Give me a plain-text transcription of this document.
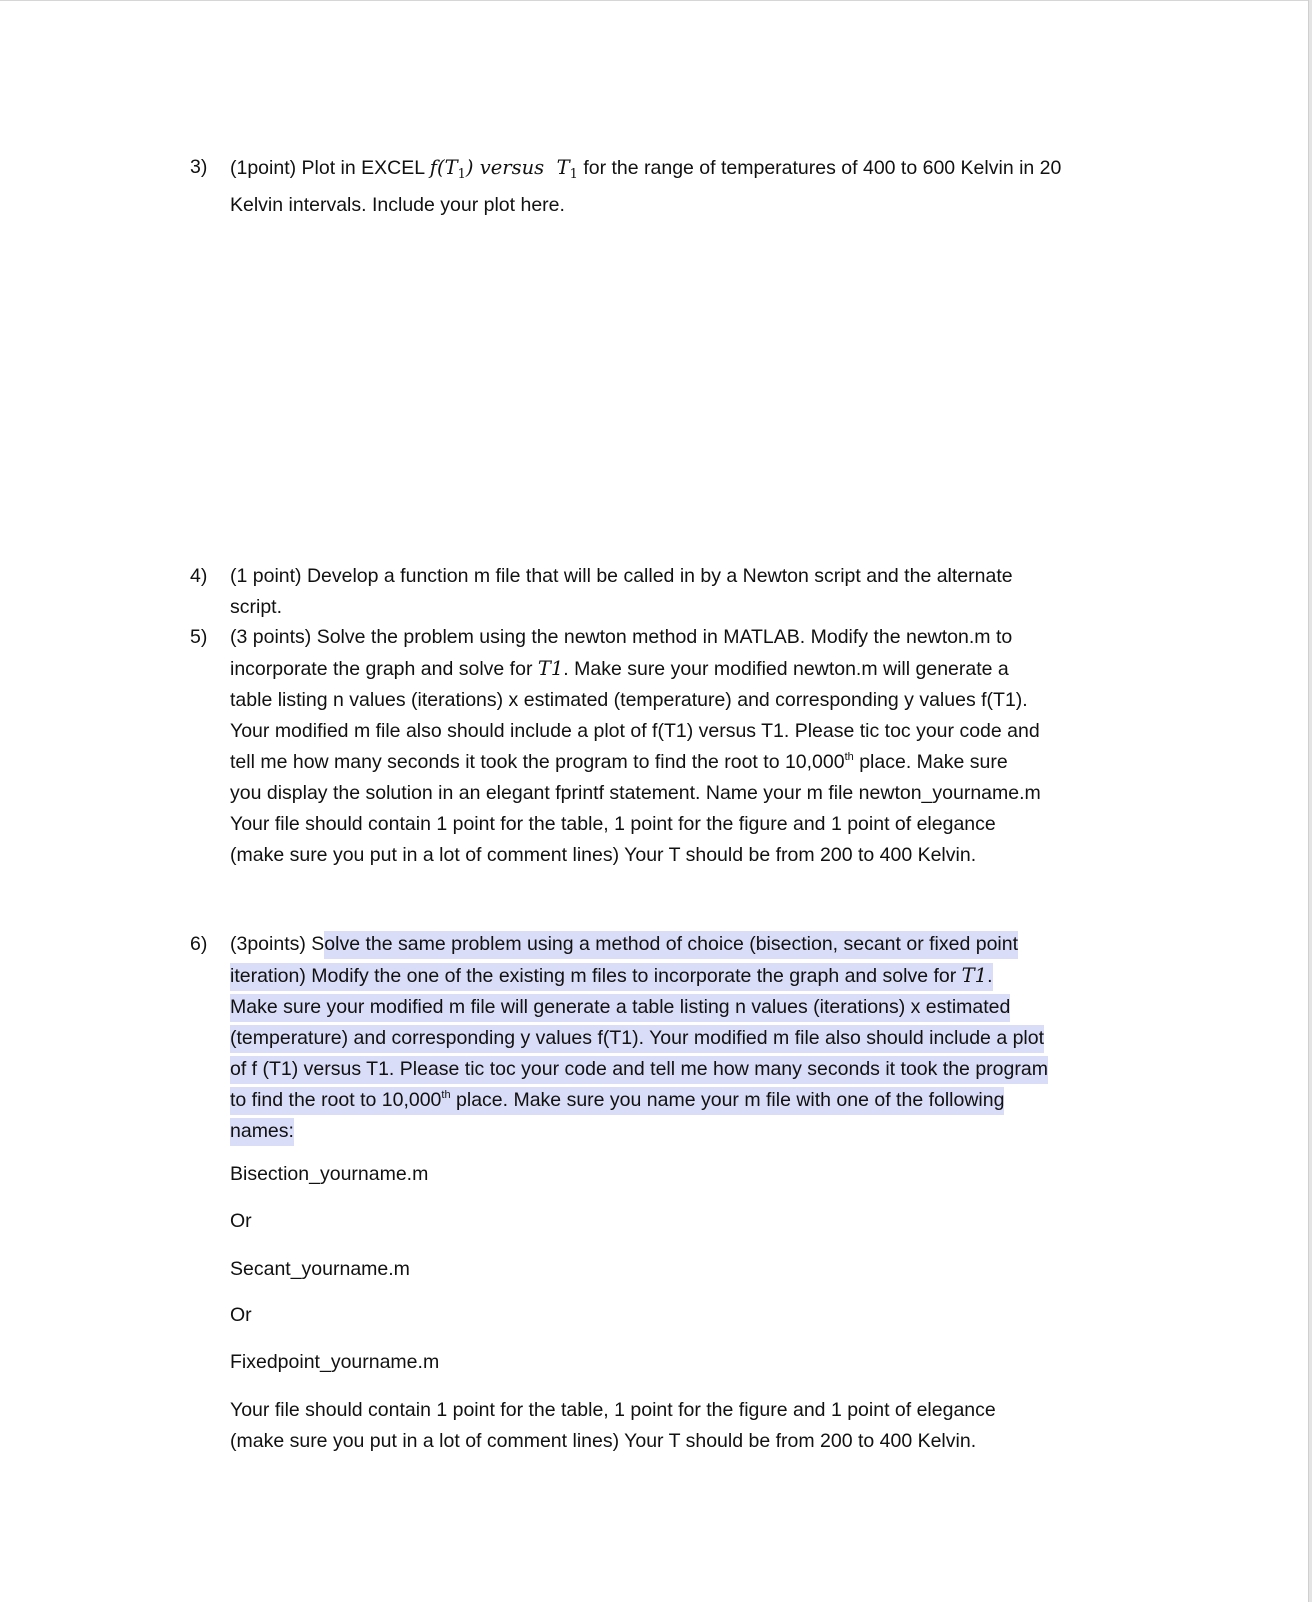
3) (1point) Plot in EXCEL $f(T_1)$ versus $T_1$ for the range of temperatures of 400 to 600 Kelvin in 20
Kelvin intervals. Include your plot here.
4) (1 point) Develop a function m file that will be called in by a Newton script and the alternate
script.
5) (3 points) Solve the problem using the newton method in MATLAB. Modify the newton.m to
incorporate the graph and solve for T1. Make sure your modified newton.m will generate a
table listing n values (iterations) x estimated (temperature) and corresponding y values f(T1).
Your modified m file also should include a plot of f(T1) versus T1. Please tic toc your code and
tell me how many seconds it took the program to find the root to 10,000th place. Make sure
you display the solution in an elegant fprintf statement. Name your m file newton_yourname.m
Your file should contain 1 point for the table, 1 point for the figure and 1 point of elegance
(make sure you put in a lot of comment lines) Your T should be from 200 to 400 Kelvin.
6) (3points) Solve the same problem using a method of choice (bisection, secant or fixed point
iteration) Modify the one of the existing m files to incorporate the graph and solve for T1.
Make sure your modified m file will generate a table listing n values (iterations) x estimated
(temperature) and corresponding y values f(T1). Your modified m file also should include a plot
of f (T1) versus T1. Please tic toc your code and tell me how many seconds it took the program
to find the root to 10,000th place. Make sure you name your m file with one of the following
names:
Bisection_yourname.m
Or
Secant_yourname.m
Or
Fixedpoint_yourname.m
Your file should contain 1 point for the table, 1 point for the figure and 1 point of elegance
(make sure you put in a lot of comment lines) Your T should be from 200 to 400 Kelvin.
